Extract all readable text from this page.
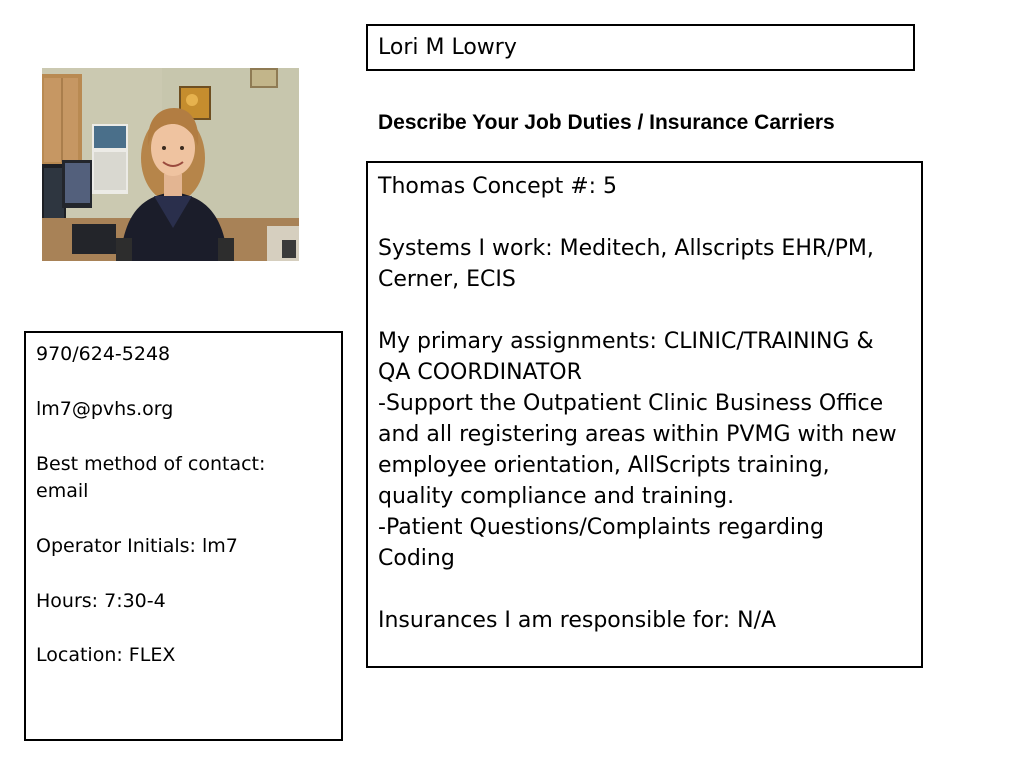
Lori M Lowry
Describe Your Job Duties / Insurance Carriers
Thomas Concept #: 5
Systems I work: Meditech, Allscripts EHR/PM,
Cerner, ECIS
My primary assignments: CLINIC/TRAINING &
QA COORDINATOR
-Support the Outpatient Clinic Business Office
and all registering areas within PVMG with new
employee orientation, AllScripts training,
quality compliance and training.
-Patient Questions/Complaints regarding
Coding
Insurances I am responsible for: N/A
970/624-5248
lm7@pvhs.org
Best method of contact:
email
Operator Initials: lm7
Hours: 7:30-4
Location: FLEX
